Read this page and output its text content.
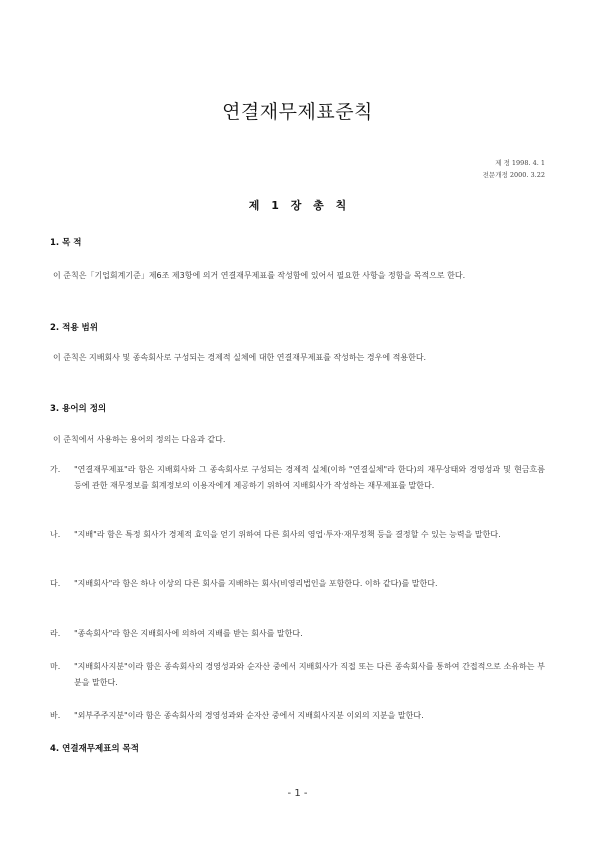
연결재무제표준칙
제 정 1998. 4. 1
전문개정 2000. 3.22
제 1 장 총 칙
1. 목 적
이 준칙은「기업회계기준」제6조 제3항에 의거 연결재무제표를 작성함에 있어서 필요한 사항을 정함을 목적으로 한다.
2. 적용 범위
이 준칙은 지배회사 및 종속회사로 구성되는 경제적 실체에 대한 연결재무제표를 작성하는 경우에 적용한다.
3. 용어의 정의
이 준칙에서 사용하는 용어의 정의는 다음과 같다.
가.	"연결재무제표"라 함은 지배회사와 그 종속회사로 구성되는 경제적 실체(이하 "연결실체"라 한다)의 재무상태와 경영성과 및 현금흐름 등에 관한 재무정보를 회계정보의 이용자에게 제공하기 위하여 지배회사가 작성하는 재무제표를 말한다.
나.	"지배"라 함은 특정 회사가 경제적 효익을 얻기 위하여 다른 회사의 영업·투자·재무정책 등을 결정할 수 있는 능력을 말한다.
다.	"지배회사"라 함은 하나 이상의 다른 회사를 지배하는 회사(비영리법인을 포함한다. 이하 같다)를 말한다.
라.	"종속회사"라 함은 지배회사에 의하여 지배를 받는 회사를 말한다.
마.	"지배회사지분"이라 함은 종속회사의 경영성과와 순자산 중에서 지배회사가 직접 또는 다른 종속회사를 통하여 간접적으로 소유하는 부분을 말한다.
바.	"외부주주지분"이라 함은 종속회사의 경영성과와 순자산 중에서 지배회사지분 이외의 지분을 말한다.
4. 연결재무제표의 목적
- 1 -
